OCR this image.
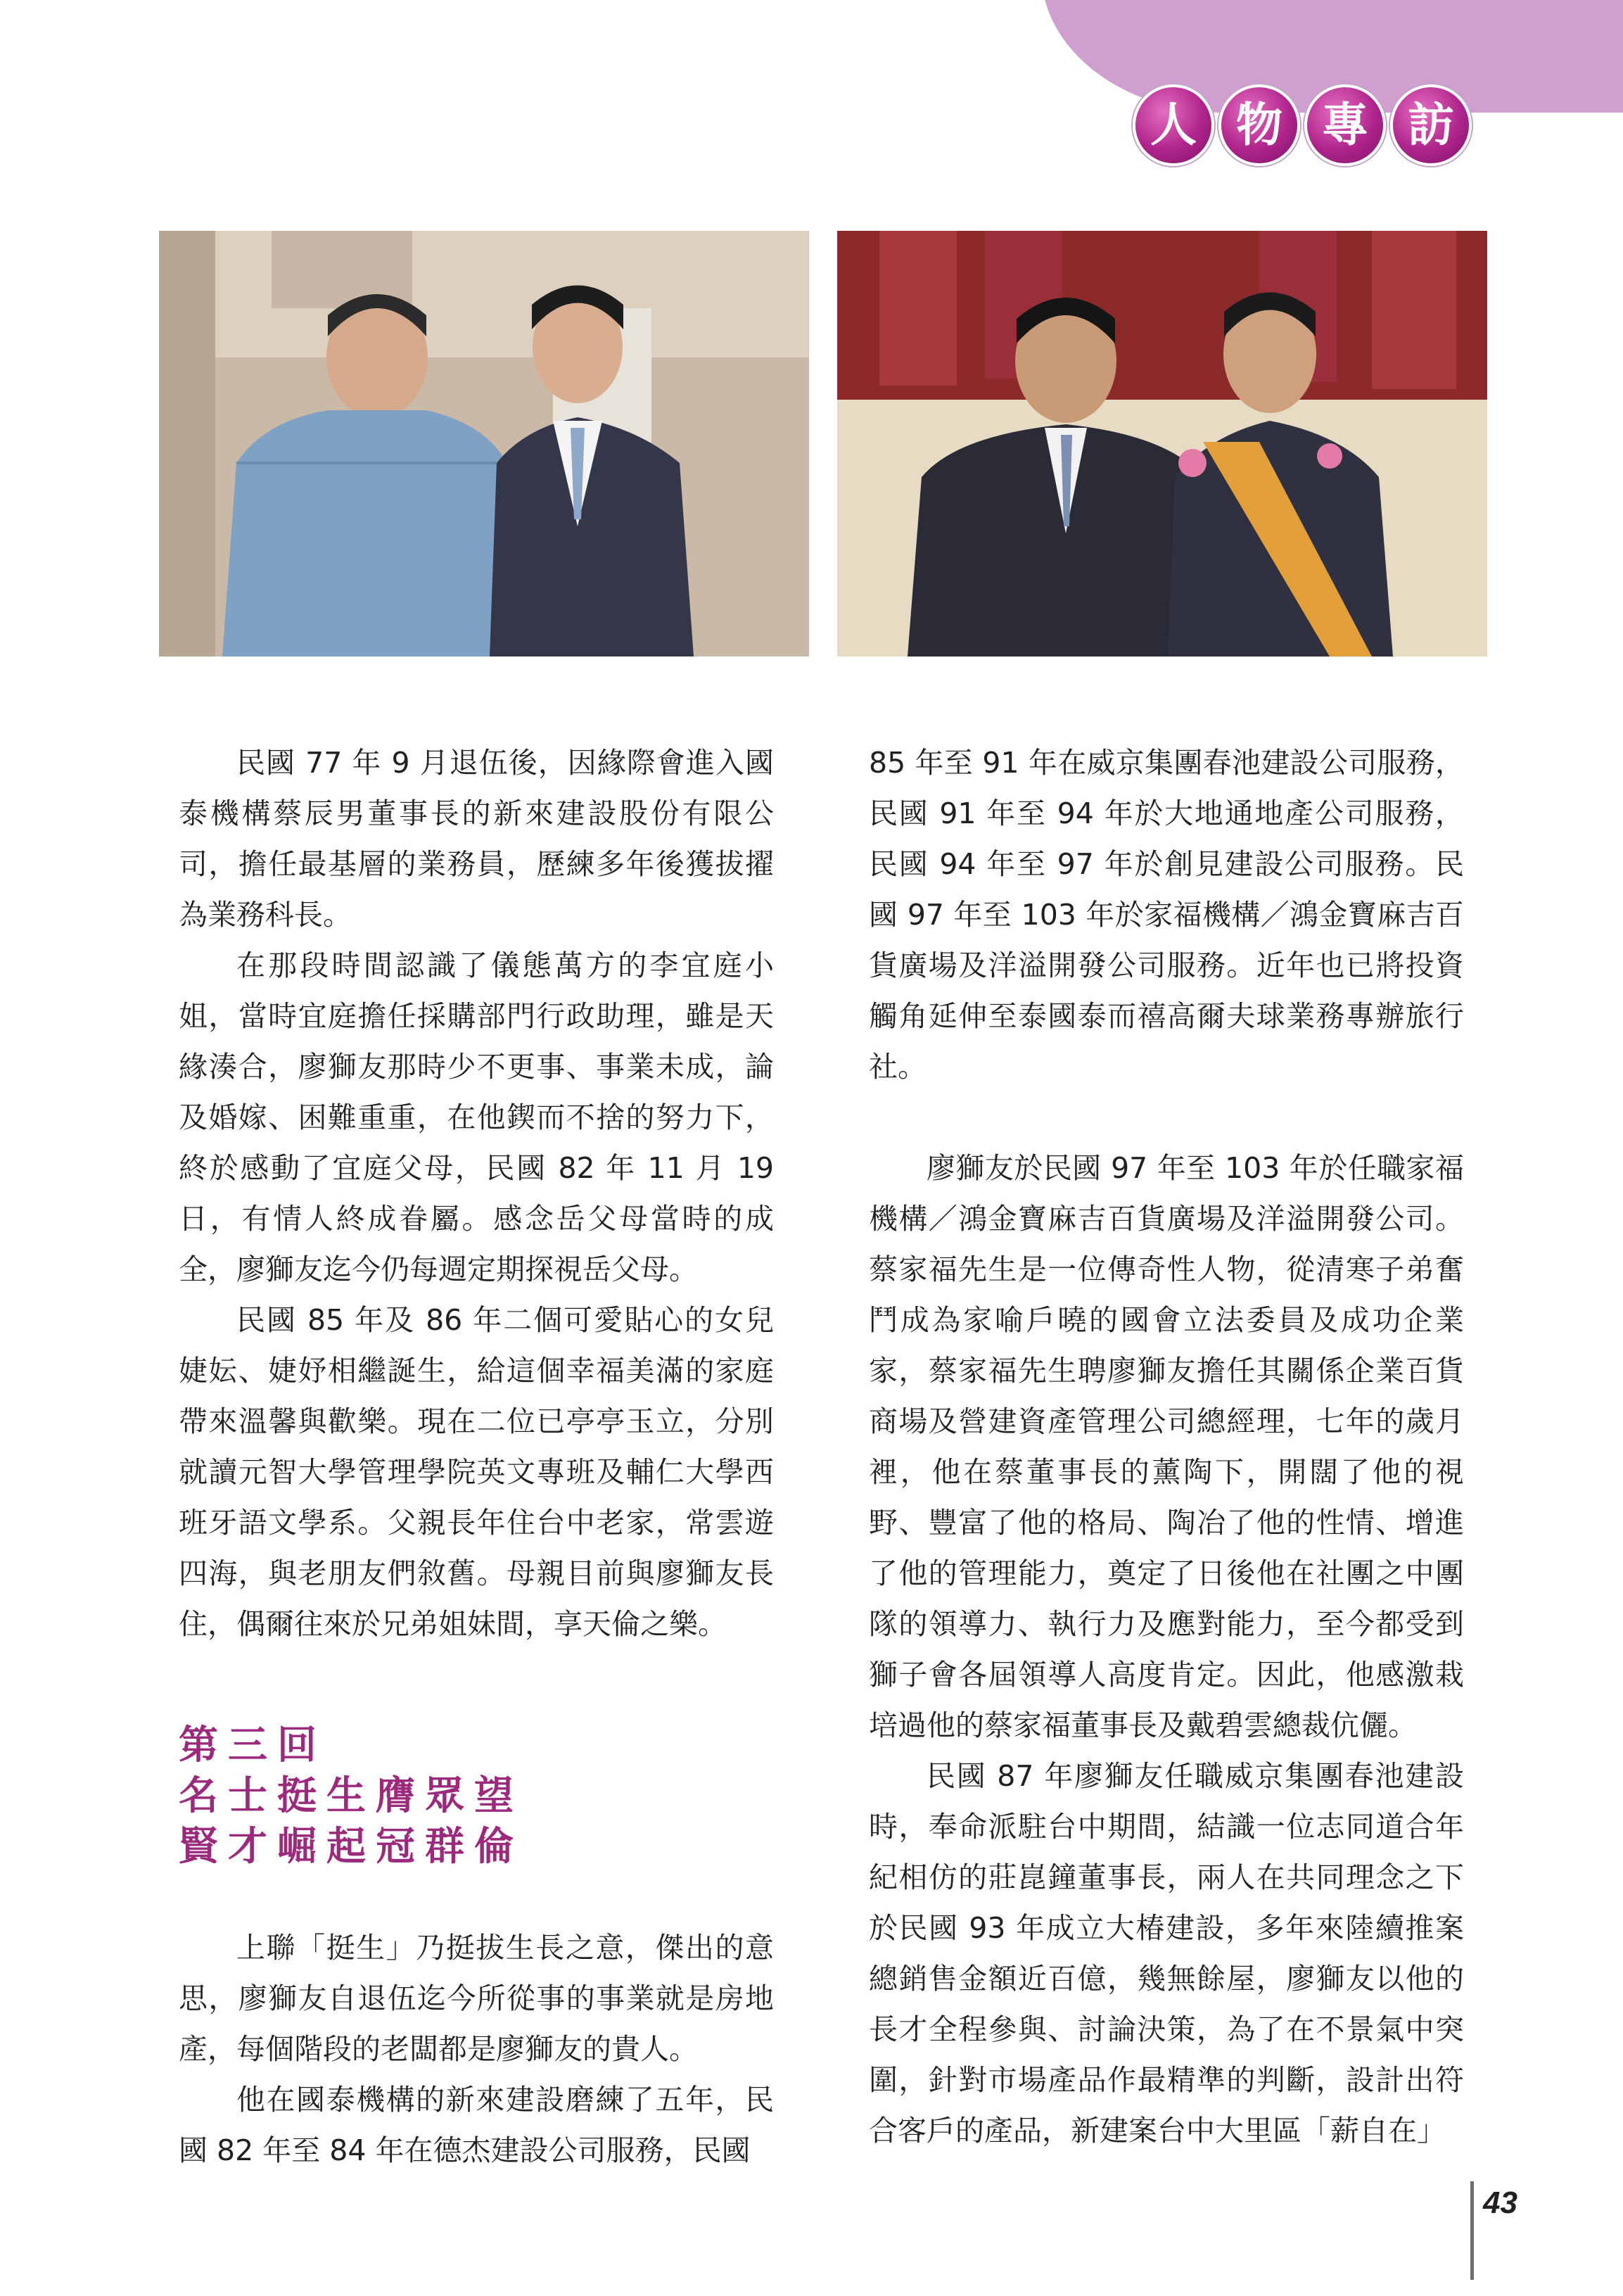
人 物 專 訪

民國 77 年 9 月退伍後，因緣際會進入國泰機構蔡辰男董事長的新來建設股份有限公司，擔任最基層的業務員，歷練多年後獲拔擢為業務科長。

在那段時間認識了儀態萬方的李宜庭小姐，當時宜庭擔任採購部門行政助理，雖是天緣湊合，廖獅友那時少不更事、事業未成，論及婚嫁、困難重重，在他鍥而不捨的努力下，終於感動了宜庭父母，民國 82 年 11 月 19 日，有情人終成眷屬。感念岳父母當時的成全，廖獅友迄今仍每週定期探視岳父母。

民國 85 年及 86 年二個可愛貼心的女兒婕妘、婕妤相繼誕生，給這個幸福美滿的家庭帶來溫馨與歡樂。現在二位已亭亭玉立，分別就讀元智大學管理學院英文專班及輔仁大學西班牙語文學系。父親長年住台中老家，常雲遊四海，與老朋友們敘舊。母親目前與廖獅友長住，偶爾往來於兄弟姐妹間，享天倫之樂。

第三回
名士挺生膺眾望
賢才崛起冠群倫

上聯「挺生」乃挺拔生長之意，傑出的意思，廖獅友自退伍迄今所從事的事業就是房地產，每個階段的老闆都是廖獅友的貴人。

他在國泰機構的新來建設磨練了五年，民國 82 年至 84 年在德杰建設公司服務，民國

85 年至 91 年在威京集團春池建設公司服務，民國 91 年至 94 年於大地通地產公司服務，民國 94 年至 97 年於創見建設公司服務。民國 97 年至 103 年於家福機構／鴻金寶麻吉百貨廣場及洋溢開發公司服務。近年也已將投資觸角延伸至泰國泰而禧高爾夫球業務專辦旅行社。

廖獅友於民國 97 年至 103 年於任職家福機構／鴻金寶麻吉百貨廣場及洋溢開發公司。蔡家福先生是一位傳奇性人物，從清寒子弟奮鬥成為家喻戶曉的國會立法委員及成功企業家，蔡家福先生聘廖獅友擔任其關係企業百貨商場及營建資產管理公司總經理，七年的歲月裡，他在蔡董事長的薰陶下，開闊了他的視野、豐富了他的格局、陶冶了他的性情、增進了他的管理能力，奠定了日後他在社團之中團隊的領導力、執行力及應對能力，至今都受到獅子會各屆領導人高度肯定。因此，他感激栽培過他的蔡家福董事長及戴碧雲總裁伉儷。

民國 87 年廖獅友任職威京集團春池建設時，奉命派駐台中期間，結識一位志同道合年紀相仿的莊崑鐘董事長，兩人在共同理念之下於民國 93 年成立大椿建設，多年來陸續推案總銷售金額近百億，幾無餘屋，廖獅友以他的長才全程參與、討論決策，為了在不景氣中突圍，針對市場產品作最精準的判斷，設計出符合客戶的產品，新建案台中大里區「薪自在」

43
